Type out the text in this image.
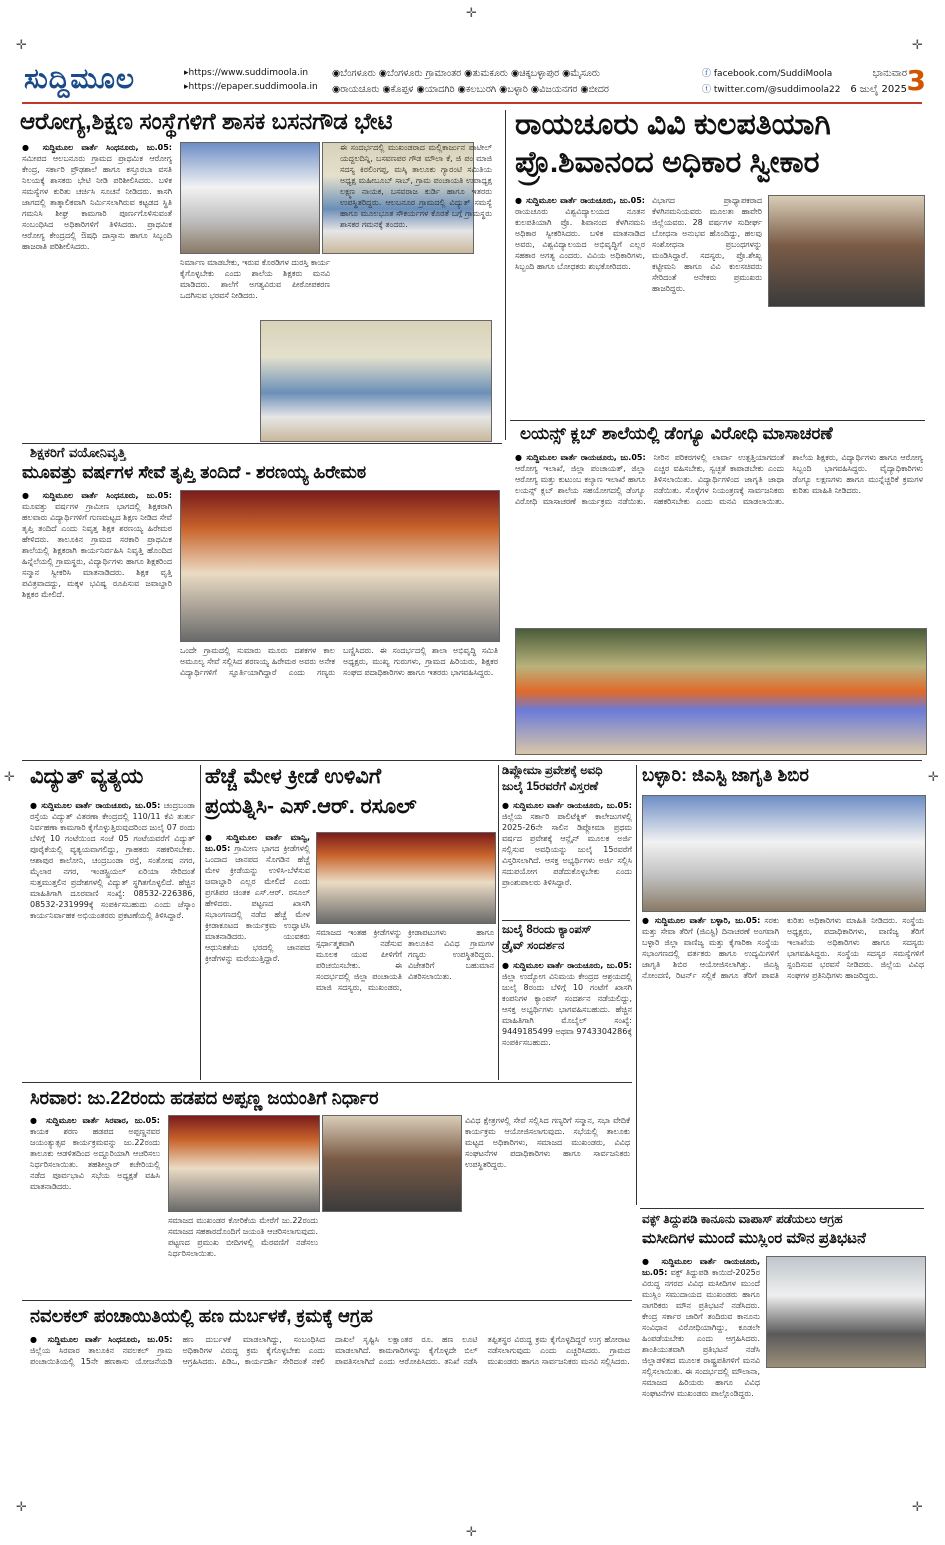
✛
✛
✛
✛	✛
✛
✛
✛
ಸುದ್ದಿಮೂಲ	▸https://www.suddimoola.in
▸https://epaper.suddimoola.in
◉ಬೆಂಗಳೂರು ◉ಬೆಂಗಳೂರು ಗ್ರಾಮಾಂತರ ◉ತುಮಕೂರು ◉ಚಿಕ್ಕಬಳ್ಳಾಪುರ ◉ಮೈಸೂರು
◉ರಾಯಚೂರು ◉ಕೊಪ್ಪಳ ◉ಯಾದಗಿರಿ ◉ಕಲಬುರಗಿ ◉ಬಳ್ಳಾರಿ ◉ವಿಜಯನಗರ ◉ಬೀದರ
ⓕ facebook.com/SuddiMoola
ⓣ twitter.com/@suddimoola22
ಭಾನುವಾರ
6 ಜುಲೈ 2025 3
ಆರೋಗ್ಯ,ಶಿಕ್ಷಣ ಸಂಸ್ಥೆಗಳಿಗೆ ಶಾಸಕ ಬಸನಗೌಡ ಭೇಟಿ
● ಸುದ್ದಿಮೂಲ ವಾರ್ತೆ ಸಿಂಧನೂರು, ಜು.05: ಸಮೀಪದ ಆಲಬನೂರು ಗ್ರಾಮದ ಪ್ರಾಥಮಿಕ ಆರೋಗ್ಯ ಕೇಂದ್ರ, ಸರ್ಕಾರಿ ಪ್ರೌಢಶಾಲೆ ಹಾಗೂ ಕಸ್ತೂರಬಾ ವಸತಿ ನಿಲಯಕ್ಕೆ ಶಾಸಕರು ಭೇಟಿ ನೀಡಿ ಪರಿಶೀಲಿಸಿದರು. ಬಳಿಕ ಸಮಸ್ಯೆಗಳ ಕುರಿತು ಚರ್ಚಿಸಿ ಸೂಚನೆ ನೀಡಿದರು. ಕಾಸಗಿ ಜಾಗದಲ್ಲಿ ತಾತ್ಕಾಲಿಕವಾಗಿ ನಿರ್ಮಿಸಲಾಗಿರುವ ಕಟ್ಟಡದ ಸ್ಥಿತಿ ಗಮನಿಸಿ ಶೀಘ್ರ ಕಾಮಗಾರಿ ಪೂರ್ಣಗೊಳಿಸುವಂತೆ ಸಂಬಂಧಿಸಿದ ಅಧಿಕಾರಿಗಳಿಗೆ ತಿಳಿಸಿದರು. ಪ್ರಾಥಮಿಕ ಆರೋಗ್ಯ ಕೇಂದ್ರದಲ್ಲಿ ಔಷಧಿ ದಾಸ್ತಾನು ಹಾಗೂ ಸಿಬ್ಬಂದಿ ಹಾಜರಾತಿ ಪರಿಶೀಲಿಸಿದರು.
ನಿರ್ಮಾಣ ಮಾಡಬೇಕು, ಇರುವ ಕೊಠಡಿಗಳ ದುರಸ್ತಿ ಕಾರ್ಯ ಕೈಗೊಳ್ಳಬೇಕು ಎಂದು ಶಾಲೆಯ ಶಿಕ್ಷಕರು ಮನವಿ ಮಾಡಿದರು. ಶಾಲೆಗೆ ಅಗತ್ಯವಿರುವ ಪೀಠೋಪಕರಣ ಒದಗಿಸುವ ಭರವಸೆ ನೀಡಿದರು.
ಈ ಸಂದರ್ಭದಲ್ಲಿ ಮುಖಂಡರಾದ ಮಲ್ಲಿಕಾರ್ಜುನ ಪಾಟೀಲ್ ಯದ್ದಲದಿನ್ನಿ, ಬಸವಣಪರ ಗೌಡ ಮೌಲಾ ಕೆ, ಜಿ ಪಂ ಮಾಜಿ ಸದಸ್ಯ ಕಿರಲಿಂಗಪ್ಪ, ಮಸ್ಕಿ ತಾಲೂಕು ಗ್ಯಾರಂಟಿ ಸಮಿತಿಯ ಅಧ್ಯಕ್ಷ ಮಹೀಬೂಬ್ ಸಾಬ್, ಗ್ರಾಮ ಪಂಚಾಯತಿ ಉಪಾಧ್ಯಕ್ಷ ಲಕ್ಷ್ಮಣ ನಾಯಕ, ಬಸವರಾಜ ಕುರ್ಡಿ ಹಾಗೂ ಇತರರು ಉಪಸ್ಥಿತರಿದ್ದರು. ಆಲಬನೂರ ಗ್ರಾಮದಲ್ಲಿ ವಿದ್ಯುತ್ ಸಮಸ್ಯೆ ಹಾಗೂ ಮೂಲಭೂತ ಸೌಕರ್ಯಗಳ ಕೊರತೆ ಬಗ್ಗೆ ಗ್ರಾಮಸ್ಥರು ಶಾಸಕರ ಗಮನಕ್ಕೆ ತಂದರು.
ರಾಯಚೂರು ವಿವಿ ಕುಲಪತಿಯಾಗಿ
ಪ್ರೊ.ಶಿವಾನಂದ ಅಧಿಕಾರ ಸ್ವೀಕಾರ
● ಸುದ್ದಿಮೂಲ ವಾರ್ತೆ ರಾಯಚೂರು, ಜು.05: ರಾಯಚೂರು ವಿಶ್ವವಿದ್ಯಾಲಯದ ನೂತನ ಕುಲಪತಿಯಾಗಿ ಪ್ರೊ. ಶಿವಾನಂದ ಕೆಳಗಿನಮನಿ ಅಧಿಕಾರ ಸ್ವೀಕರಿಸಿದರು. ಬಳಿಕ ಮಾತನಾಡಿದ ಅವರು, ವಿಶ್ವವಿದ್ಯಾಲಯದ ಅಭಿವೃದ್ಧಿಗೆ ಎಲ್ಲರ ಸಹಕಾರ ಅಗತ್ಯ ಎಂದರು. ವಿವಿಯ ಅಧಿಕಾರಿಗಳು, ಸಿಬ್ಬಂದಿ ಹಾಗೂ ಬೋಧಕರು ಶುಭಕೋರಿದರು.
ವಿಭಾಗದ ಪ್ರಾಧ್ಯಾಪಕರಾದ ಕೆಳಗಿನಮನಿಯವರು ಮೂಲತಃ ಹಾವೇರಿ ಜಿಲ್ಲೆಯವರು. 28 ವರ್ಷಗಳ ಸುದೀರ್ಘ ಬೋಧನಾ ಅನುಭವ ಹೊಂದಿದ್ದು, ಹಲವು ಸಂಶೋಧನಾ ಪ್ರಬಂಧಗಳನ್ನು ಮಂಡಿಸಿದ್ದಾರೆ. ಸದಸ್ಯರು, ಪ್ರೊ.ಶೇಖ್ಬ ಕಟ್ಟೀಮನಿ ಹಾಗೂ ವಿವಿ ಕುಲಸಚಿವರು ಸೇರಿದಂತೆ ಅನೇಕರು ಪ್ರಮುಖರು ಹಾಜರಿದ್ದರು.
ಲಯನ್ಸ್ ಕ್ಲಬ್ ಶಾಲೆಯಲ್ಲಿ ಡೆಂಗ್ಯೂ ವಿರೋಧಿ ಮಾಸಾಚರಣೆ
● ಸುದ್ದಿಮೂಲ ವಾರ್ತೆ ರಾಯಚೂರು, ಜು.05: ಆರೋಗ್ಯ ಇಲಾಖೆ, ಜಿಲ್ಲಾ ಪಂಚಾಯತ್, ಜಿಲ್ಲಾ ಆರೋಗ್ಯ ಮತ್ತು ಕುಟುಂಬ ಕಲ್ಯಾಣ ಇಲಾಖೆ ಹಾಗೂ ಲಯನ್ಸ್ ಕ್ಲಬ್ ಶಾಲೆಯ ಸಹಯೋಗದಲ್ಲಿ ಡೆಂಗ್ಯೂ ವಿರೋಧಿ ಮಾಸಾಚರಣೆ ಕಾರ್ಯಕ್ರಮ ನಡೆಯಿತು. ನೀರಿನ ಪರಿಕರಗಳಲ್ಲಿ ಲಾರ್ವಾ ಉತ್ಪತ್ತಿಯಾಗದಂತೆ ಎಚ್ಚರ ವಹಿಸಬೇಕು, ಸ್ವಚ್ಛತೆ ಕಾಪಾಡಬೇಕು ಎಂದು ತಿಳಿಸಲಾಯಿತು. ವಿದ್ಯಾರ್ಥಿಗಳಿಂದ ಜಾಗೃತಿ ಜಾಥಾ ನಡೆಯಿತು. ಸೊಳ್ಳೆಗಳ ನಿಯಂತ್ರಣಕ್ಕೆ ಸಾರ್ವಜನಿಕರು ಸಹಕರಿಸಬೇಕು ಎಂದು ಮನವಿ ಮಾಡಲಾಯಿತು. ಶಾಲೆಯ ಶಿಕ್ಷಕರು, ವಿದ್ಯಾರ್ಥಿಗಳು ಹಾಗೂ ಆರೋಗ್ಯ ಸಿಬ್ಬಂದಿ ಭಾಗವಹಿಸಿದ್ದರು. ವೈದ್ಯಾಧಿಕಾರಿಗಳು ಡೆಂಗ್ಯೂ ಲಕ್ಷಣಗಳು ಹಾಗೂ ಮುನ್ನೆಚ್ಚರಿಕೆ ಕ್ರಮಗಳ ಕುರಿತು ಮಾಹಿತಿ ನೀಡಿದರು.
ಶಿಕ್ಷಕರಿಗೆ ವಯೋನಿವೃತ್ತಿ
ಮೂವತ್ತು ವರ್ಷಗಳ ಸೇವೆ ತೃಪ್ತಿ ತಂದಿದೆ - ಶರಣಯ್ಯ ಹಿರೇಮಠ
● ಸುದ್ದಿಮೂಲ ವಾರ್ತೆ ಸಿಂಧನೂರು, ಜು.05: ಮೂವತ್ತು ವರ್ಷಗಳ ಗ್ರಾಮೀಣ ಭಾಗದಲ್ಲಿ ಶಿಕ್ಷಕರಾಗಿ ಹಲವಾರು ವಿದ್ಯಾರ್ಥಿಗಳಿಗೆ ಗುಣಮಟ್ಟದ ಶಿಕ್ಷಣ ನೀಡಿದ ಸೇವೆ ತೃಪ್ತಿ ತಂದಿದೆ ಎಂದು ನಿವೃತ್ತ ಶಿಕ್ಷಕ ಶರಣಯ್ಯ ಹಿರೇಮಠ ಹೇಳಿದರು. ತಾಲೂಕಿನ ಗ್ರಾಮದ ಸರಕಾರಿ ಪ್ರಾಥಮಿಕ ಶಾಲೆಯಲ್ಲಿ ಶಿಕ್ಷಕರಾಗಿ ಕಾರ್ಯನಿರ್ವಹಿಸಿ ನಿವೃತ್ತಿ ಹೊಂದಿದ ಹಿನ್ನೆಲೆಯಲ್ಲಿ ಗ್ರಾಮಸ್ಥರು, ವಿದ್ಯಾರ್ಥಿಗಳು ಹಾಗೂ ಶಿಕ್ಷಕರಿಂದ ಸನ್ಮಾನ ಸ್ವೀಕರಿಸಿ ಮಾತನಾಡಿದರು. ಶಿಕ್ಷಕ ವೃತ್ತಿ ಪವಿತ್ರವಾದದ್ದು, ಮಕ್ಕಳ ಭವಿಷ್ಯ ರೂಪಿಸುವ ಜವಾಬ್ದಾರಿ ಶಿಕ್ಷಕರ ಮೇಲಿದೆ.
ಒಂದೇ ಗ್ರಾಮದಲ್ಲಿ ಸುಮಾರು ಮೂರು ದಶಕಗಳ ಕಾಲ ಅಮೂಲ್ಯ ಸೇವೆ ಸಲ್ಲಿಸಿದ ಶರಣಯ್ಯ ಹಿರೇಮಠ ಅವರು ಅನೇಕ ವಿದ್ಯಾರ್ಥಿಗಳಿಗೆ ಸ್ಫೂರ್ತಿಯಾಗಿದ್ದಾರೆ ಎಂದು ಗಣ್ಯರು ಬಣ್ಣಿಸಿದರು. ಈ ಸಂದರ್ಭದಲ್ಲಿ ಶಾಲಾ ಅಭಿವೃದ್ಧಿ ಸಮಿತಿ ಅಧ್ಯಕ್ಷರು, ಮುಖ್ಯ ಗುರುಗಳು, ಗ್ರಾಮದ ಹಿರಿಯರು, ಶಿಕ್ಷಕರ ಸಂಘದ ಪದಾಧಿಕಾರಿಗಳು ಹಾಗೂ ಇತರರು ಭಾಗವಹಿಸಿದ್ದರು.
ವಿದ್ಯುತ್ ವ್ಯತ್ಯಯ
● ಸುದ್ದಿಮೂಲ ವಾರ್ತೆ ರಾಯಚೂರು, ಜು.05: ಚಂದ್ರಬಂಡಾ ರಸ್ತೆಯ ವಿದ್ಯುತ್ ವಿತರಣಾ ಕೇಂದ್ರದಲ್ಲಿ 110/11 ಕೆವಿ ತುರ್ತು ನಿರ್ವಹಣಾ ಕಾಮಗಾರಿ ಕೈಗೊಳ್ಳುತ್ತಿರುವುದರಿಂದ ಜುಲೈ 07 ರಂದು ಬೆಳಿಗ್ಗೆ 10 ಗಂಟೆಯಿಂದ ಸಂಜೆ 05 ಗಂಟೆಯವರೆಗೆ ವಿದ್ಯುತ್ ಪೂರೈಕೆಯಲ್ಲಿ ವ್ಯತ್ಯಯವಾಗಲಿದ್ದು, ಗ್ರಾಹಕರು ಸಹಕರಿಸಬೇಕು. ಆಶಾಪುರ ಕಾಲೋನಿ, ಚಂದ್ರಬಂಡಾ ರಸ್ತೆ, ಸಂತೋಷ ನಗರ, ಮೈಲಾರ ನಗರ, ಇಂಡಸ್ಟ್ರಿಯಲ್ ಏರಿಯಾ ಸೇರಿದಂತೆ ಸುತ್ತಮುತ್ತಲಿನ ಪ್ರದೇಶಗಳಲ್ಲಿ ವಿದ್ಯುತ್ ಸ್ಥಗಿತಗೊಳ್ಳಲಿದೆ. ಹೆಚ್ಚಿನ ಮಾಹಿತಿಗಾಗಿ ದೂರವಾಣಿ ಸಂಖ್ಯೆ: 08532-226386, 08532-231999ಕ್ಕೆ ಸಂಪರ್ಕಿಸಬಹುದು ಎಂದು ಜೆಸ್ಕಾಂ ಕಾರ್ಯನಿರ್ವಾಹಕ ಅಭಿಯಂತರರು ಪ್ರಕಟಣೆಯಲ್ಲಿ ತಿಳಿಸಿದ್ದಾರೆ.
ಹೆಚ್ಚೆ ಮೇಳ ಕ್ರೀಡೆ ಉಳಿವಿಗೆ
ಪ್ರಯತ್ನಿಸಿ- ಎಸ್.ಆರ್. ರಸೂಲ್
● ಸುದ್ದಿಮೂಲ ವಾರ್ತೆ ಮಾನ್ವಿ, ಜು.05: ಗ್ರಾಮೀಣ ಭಾಗದ ಕ್ರೀಡೆಗಳಲ್ಲಿ ಒಂದಾದ ಜಾನಪದ ಸೊಗಡಿನ ಹೆಚ್ಚೆ ಮೇಳ ಕ್ರೀಡೆಯನ್ನು ಉಳಿಸಿ-ಬೆಳೆಸುವ ಜವಾಬ್ದಾರಿ ಎಲ್ಲರ ಮೇಲಿದೆ ಎಂದು ಪ್ರಗತಿಪರ ಚಿಂತಕ ಎಸ್.ಆರ್. ರಸೂಲ್ ಹೇಳಿದರು. ಪಟ್ಟಣದ ಖಾಸಗಿ ಸಭಾಂಗಣದಲ್ಲಿ ನಡೆದ ಹೆಚ್ಚೆ ಮೇಳ ಕ್ರೀಡಾಕೂಟದ ಕಾರ್ಯಕ್ರಮ ಉದ್ಘಾಟಿಸಿ ಮಾತನಾಡಿದರು. ಯುವಕರು ಆಧುನಿಕತೆಯ ಭರದಲ್ಲಿ ಜಾನಪದ ಕ್ರೀಡೆಗಳನ್ನು ಮರೆಯುತ್ತಿದ್ದಾರೆ.
ಸಮಾಜದ ಇಂತಹ ಕ್ರೀಡೆಗಳನ್ನು ಸ್ಪರ್ಧಾತ್ಮಕವಾಗಿ ನಡೆಸುವ ಮೂಲಕ ಯುವ ಪೀಳಿಗೆಗೆ ಪರಿಚಯಿಸಬೇಕು. ಈ ಸಂದರ್ಭದಲ್ಲಿ ಜಿಲ್ಲಾ ಪಂಚಾಯತಿ ಮಾಜಿ ಸದಸ್ಯರು, ಮುಖಂಡರು, ಕ್ರೀಡಾಪಟುಗಳು ಹಾಗೂ ತಾಲೂಕಿನ ವಿವಿಧ ಗ್ರಾಮಗಳ ಗಣ್ಯರು ಉಪಸ್ಥಿತರಿದ್ದರು. ವಿಜೇತರಿಗೆ ಬಹುಮಾನ ವಿತರಿಸಲಾಯಿತು.
ಡಿಪ್ಲೋಮಾ ಪ್ರವೇಶಕ್ಕೆ ಅವಧಿ
ಜುಲೈ 15ರವರೆಗೆ ವಿಸ್ತರಣೆ
● ಸುದ್ದಿಮೂಲ ವಾರ್ತೆ ರಾಯಚೂರು, ಜು.05: ಜಿಲ್ಲೆಯ ಸರ್ಕಾರಿ ಪಾಲಿಟೆಕ್ನಿಕ್ ಕಾಲೇಜುಗಳಲ್ಲಿ 2025-26ನೇ ಸಾಲಿನ ಡಿಪ್ಲೋಮಾ ಪ್ರಥಮ ವರ್ಷದ ಪ್ರವೇಶಕ್ಕೆ ಆನ್ಲೈನ್ ಮೂಲಕ ಅರ್ಜಿ ಸಲ್ಲಿಸುವ ಅವಧಿಯನ್ನು ಜುಲೈ 15ರವರೆಗೆ ವಿಸ್ತರಿಸಲಾಗಿದೆ. ಆಸಕ್ತ ಅಭ್ಯರ್ಥಿಗಳು ಅರ್ಜಿ ಸಲ್ಲಿಸಿ ಸದುಪಯೋಗ ಪಡೆದುಕೊಳ್ಳಬೇಕು ಎಂದು ಪ್ರಾಂಶುಪಾಲರು ತಿಳಿಸಿದ್ದಾರೆ.
ಜುಲೈ 8ರಂದು ಕ್ಯಾಂಪಸ್
ಡ್ರೈವ್ ಸಂದರ್ಶನ
● ಸುದ್ದಿಮೂಲ ವಾರ್ತೆ ರಾಯಚೂರು, ಜು.05: ಜಿಲ್ಲಾ ಉದ್ಯೋಗ ವಿನಿಮಯ ಕೇಂದ್ರದ ಆಶ್ರಯದಲ್ಲಿ ಜುಲೈ 8ರಂದು ಬೆಳಿಗ್ಗೆ 10 ಗಂಟೆಗೆ ಖಾಸಗಿ ಕಂಪನಿಗಳ ಕ್ಯಾಂಪಸ್ ಸಂದರ್ಶನ ನಡೆಯಲಿದ್ದು, ಆಸಕ್ತ ಅಭ್ಯರ್ಥಿಗಳು ಭಾಗವಹಿಸಬಹುದು. ಹೆಚ್ಚಿನ ಮಾಹಿತಿಗಾಗಿ ಮೊಬೈಲ್ ಸಂಖ್ಯೆ: 9449185499 ಅಥವಾ 9743304286ಕ್ಕೆ ಸಂಪರ್ಕಿಸಬಹುದು.
ಬಳ್ಳಾರಿ: ಜಿಎಸ್ಟಿ ಜಾಗೃತಿ ಶಿಬಿರ
● ಸುದ್ದಿಮೂಲ ವಾರ್ತೆ ಬಳ್ಳಾರಿ, ಜು.05: ಸರಕು ಮತ್ತು ಸೇವಾ ತೆರಿಗೆ (ಜಿಎಸ್ಟಿ) ದಿನಾಚರಣೆ ಅಂಗವಾಗಿ ಬಳ್ಳಾರಿ ಜಿಲ್ಲಾ ವಾಣಿಜ್ಯ ಮತ್ತು ಕೈಗಾರಿಕಾ ಸಂಸ್ಥೆಯ ಸಭಾಂಗಣದಲ್ಲಿ ವರ್ತಕರು ಹಾಗೂ ಉದ್ಯಮಿಗಳಿಗೆ ಜಾಗೃತಿ ಶಿಬಿರ ಆಯೋಜಿಸಲಾಗಿತ್ತು. ಜಿಎಸ್ಟಿ ನೋಂದಣಿ, ರಿಟರ್ನ್ ಸಲ್ಲಿಕೆ ಹಾಗೂ ತೆರಿಗೆ ಪಾವತಿ ಕುರಿತು ಅಧಿಕಾರಿಗಳು ಮಾಹಿತಿ ನೀಡಿದರು. ಸಂಸ್ಥೆಯ ಅಧ್ಯಕ್ಷರು, ಪದಾಧಿಕಾರಿಗಳು, ವಾಣಿಜ್ಯ ತೆರಿಗೆ ಇಲಾಖೆಯ ಅಧಿಕಾರಿಗಳು ಹಾಗೂ ಸದಸ್ಯರು ಭಾಗವಹಿಸಿದ್ದರು. ಸಂಸ್ಥೆಯ ಸದಸ್ಯರ ಸಮಸ್ಯೆಗಳಿಗೆ ಸ್ಪಂದಿಸುವ ಭರವಸೆ ನೀಡಿದರು. ಜಿಲ್ಲೆಯ ವಿವಿಧ ಸಂಘಗಳ ಪ್ರತಿನಿಧಿಗಳು ಹಾಜರಿದ್ದರು.
ಸಿರವಾರ: ಜು.22ರಂದು ಹಡಪದ ಅಪ್ಪಣ್ಣ ಜಯಂತಿಗೆ ನಿರ್ಧಾರ
● ಸುದ್ದಿಮೂಲ ವಾರ್ತೆ ಸಿರವಾರ, ಜು.05: ಕಾಯಕ ಶರಣ ಹಡಪದ ಅಪ್ಪಣ್ಣನವರ ಜಯಂತ್ಯುತ್ಸವ ಕಾರ್ಯಕ್ರಮವನ್ನು ಜು.22ರಂದು ತಾಲೂಕು ಆಡಳಿತದಿಂದ ಅದ್ದೂರಿಯಾಗಿ ಆಚರಿಸಲು ನಿರ್ಧರಿಸಲಾಯಿತು. ತಹಶೀಲ್ದಾರ್ ಕಚೇರಿಯಲ್ಲಿ ನಡೆದ ಪೂರ್ವಭಾವಿ ಸಭೆಯ ಅಧ್ಯಕ್ಷತೆ ವಹಿಸಿ ಮಾತನಾಡಿದರು.
ಸಮಾಜದ ಮುಖಂಡರ ಕೋರಿಕೆಯ ಮೇರೆಗೆ ಜು.22ರಂದು ಸಮಾಜದ ಸಹಕಾರದೊಂದಿಗೆ ಜಯಂತಿ ಆಚರಿಸಲಾಗುವುದು. ಪಟ್ಟಣದ ಪ್ರಮುಖ ಬೀದಿಗಳಲ್ಲಿ ಮೆರವಣಿಗೆ ನಡೆಸಲು ನಿರ್ಧರಿಸಲಾಯಿತು.
ವಿವಿಧ ಕ್ಷೇತ್ರಗಳಲ್ಲಿ ಸೇವೆ ಸಲ್ಲಿಸಿದ ಗಣ್ಯರಿಗೆ ಸನ್ಮಾನ, ಸಭಾ ವೇದಿಕೆ ಕಾರ್ಯಕ್ರಮ ಆಯೋಜಿಸಲಾಗುವುದು. ಸಭೆಯಲ್ಲಿ ತಾಲೂಕು ಮಟ್ಟದ ಅಧಿಕಾರಿಗಳು, ಸಮಾಜದ ಮುಖಂಡರು, ವಿವಿಧ ಸಂಘಟನೆಗಳ ಪದಾಧಿಕಾರಿಗಳು ಹಾಗೂ ಸಾರ್ವಜನಿಕರು ಉಪಸ್ಥಿತರಿದ್ದರು.
ನವಲಕಲ್ ಪಂಚಾಯಿತಿಯಲ್ಲಿ ಹಣ ದುರ್ಬಳಕೆ, ಕ್ರಮಕ್ಕೆ ಆಗ್ರಹ
● ಸುದ್ದಿಮೂಲ ವಾರ್ತೆ ಸಿಂಧನೂರು, ಜು.05: ಜಿಲ್ಲೆಯ ಸಿರವಾರ ತಾಲೂಕಿನ ನವಲಕಲ್ ಗ್ರಾಮ ಪಂಚಾಯಿತಿಯಲ್ಲಿ 15ನೇ ಹಣಕಾಸು ಯೋಜನೆಯಡಿ ಹಣ ದುರ್ಬಳಕೆ ಮಾಡಲಾಗಿದ್ದು, ಸಂಬಂಧಿಸಿದ ಅಧಿಕಾರಿಗಳ ವಿರುದ್ಧ ಕ್ರಮ ಕೈಗೊಳ್ಳಬೇಕು ಎಂದು ಆಗ್ರಹಿಸಿದರು. ಪಿಡಿಒ, ಕಾರ್ಯದರ್ಶಿ ಸೇರಿದಂತೆ ನಕಲಿ ದಾಖಲೆ ಸೃಷ್ಟಿಸಿ ಲಕ್ಷಾಂತರ ರೂ. ಹಣ ಲೂಟಿ ಮಾಡಲಾಗಿದೆ. ಕಾಮಗಾರಿಗಳನ್ನು ಕೈಗೊಳ್ಳದೇ ಬಿಲ್ ಪಾವತಿಸಲಾಗಿದೆ ಎಂದು ಆರೋಪಿಸಿದರು. ತನಿಖೆ ನಡೆಸಿ ತಪ್ಪಿತಸ್ಥರ ವಿರುದ್ಧ ಕ್ರಮ ಕೈಗೊಳ್ಳದಿದ್ದರೆ ಉಗ್ರ ಹೋರಾಟ ನಡೆಸಲಾಗುವುದು ಎಂದು ಎಚ್ಚರಿಸಿದರು. ಗ್ರಾಮದ ಮುಖಂಡರು ಹಾಗೂ ಸಾರ್ವಜನಿಕರು ಮನವಿ ಸಲ್ಲಿಸಿದರು.
ವಕ್ಫ್ ತಿದ್ದುಪಡಿ ಕಾನೂನು ವಾಪಾಸ್ ಪಡೆಯಲು ಆಗ್ರಹ
ಮಸೀದಿಗಳ ಮುಂದೆ ಮುಸ್ಲಿಂರ ಮೌನ ಪ್ರತಿಭಟನೆ
● ಸುದ್ದಿಮೂಲ ವಾರ್ತೆ ರಾಯಚೂರು, ಜು.05: ವಕ್ಫ್ ತಿದ್ದುಪಡಿ ಕಾಯಿದೆ-2025ರ ವಿರುದ್ಧ ನಗರದ ವಿವಿಧ ಮಸೀದಿಗಳ ಮುಂದೆ ಮುಸ್ಲಿಂ ಸಮುದಾಯದ ಮುಖಂಡರು ಹಾಗೂ ನಾಗರಿಕರು ಮೌನ ಪ್ರತಿಭಟನೆ ನಡೆಸಿದರು. ಕೇಂದ್ರ ಸರ್ಕಾರ ಜಾರಿಗೆ ತಂದಿರುವ ಕಾನೂನು ಸಂವಿಧಾನ ವಿರೋಧಿಯಾಗಿದ್ದು, ಕೂಡಲೇ ಹಿಂಪಡೆಯಬೇಕು ಎಂದು ಆಗ್ರಹಿಸಿದರು. ಶಾಂತಿಯುತವಾಗಿ ಪ್ರತಿಭಟನೆ ನಡೆಸಿ ಜಿಲ್ಲಾಡಳಿತದ ಮೂಲಕ ರಾಷ್ಟ್ರಪತಿಗಳಿಗೆ ಮನವಿ ಸಲ್ಲಿಸಲಾಯಿತು. ಈ ಸಂದರ್ಭದಲ್ಲಿ ಮೌಲಾನಾ, ಸಮಾಜದ ಹಿರಿಯರು ಹಾಗೂ ವಿವಿಧ ಸಂಘಟನೆಗಳ ಮುಖಂಡರು ಪಾಲ್ಗೊಂಡಿದ್ದರು.
